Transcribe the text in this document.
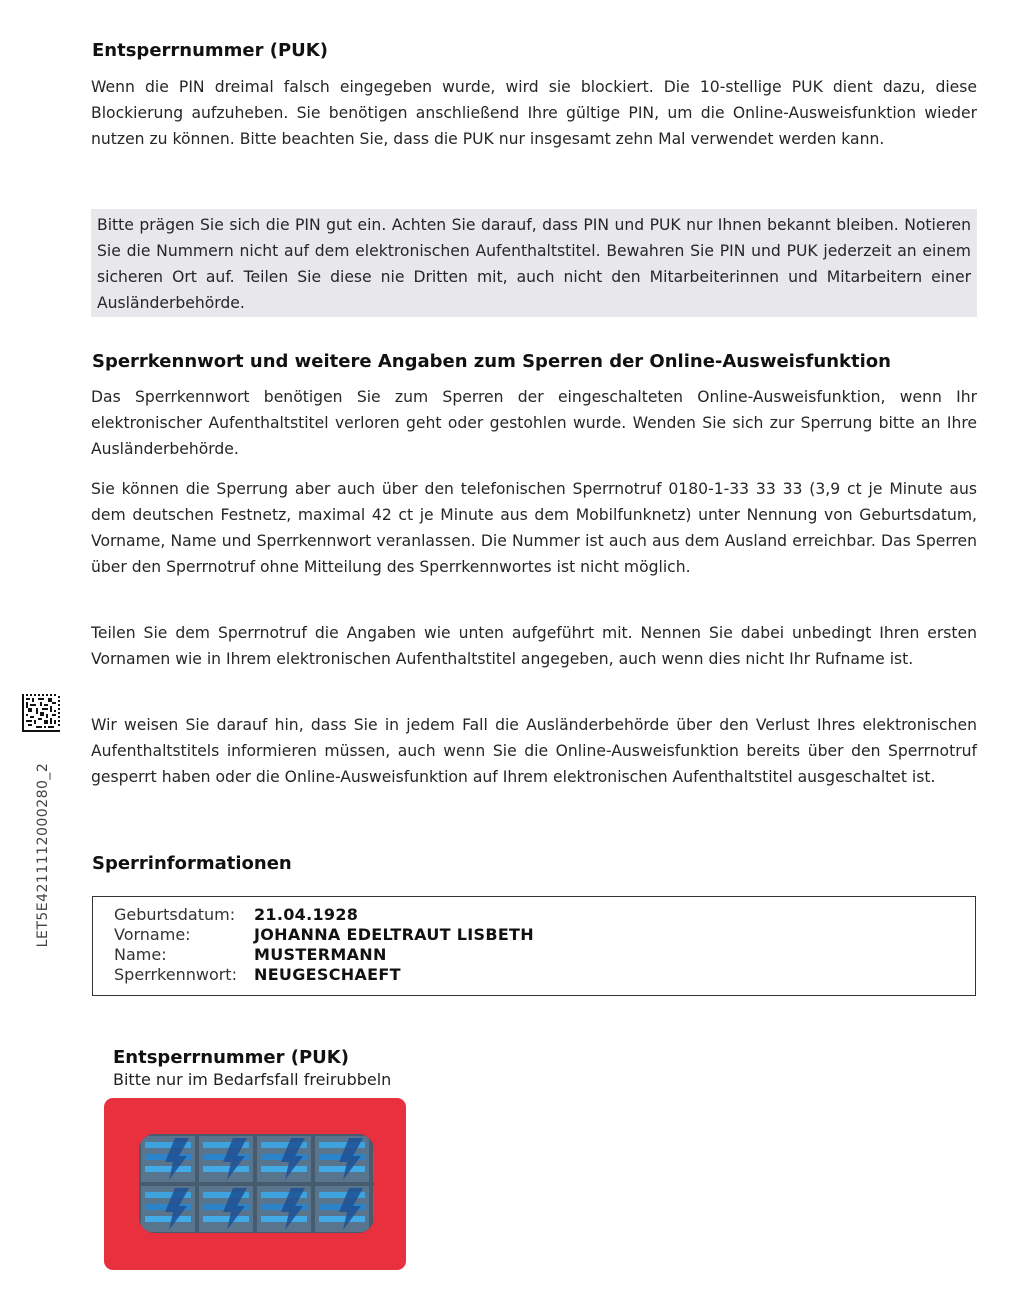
Entsperrnummer (PUK)

Wenn die PIN dreimal falsch eingegeben wurde, wird sie blockiert. Die 10-stellige PUK dient dazu, diese Blockierung aufzuheben. Sie benötigen anschließend Ihre gültige PIN, um die Online-Ausweisfunktion wieder nutzen zu können. Bitte beachten Sie, dass die PUK nur insgesamt zehn Mal verwendet werden kann.

Bitte prägen Sie sich die PIN gut ein. Achten Sie darauf, dass PIN und PUK nur Ihnen bekannt bleiben. Notieren Sie die Nummern nicht auf dem elektronischen Aufenthaltstitel. Bewahren Sie PIN und PUK jederzeit an einem sicheren Ort auf. Teilen Sie diese nie Dritten mit, auch nicht den Mitarbeiterinnen und Mitarbeitern einer Ausländerbehörde.
Sperrkennwort und weitere Angaben zum Sperren der Online-Ausweisfunktion

Das Sperrkennwort benötigen Sie zum Sperren der eingeschalteten Online-Ausweisfunktion, wenn Ihr elektronischer Aufenthaltstitel verloren geht oder gestohlen wurde. Wenden Sie sich zur Sperrung bitte an Ihre Ausländerbehörde.

Sie können die Sperrung aber auch über den telefonischen Sperrnotruf 0180-1-33 33 33 (3,9 ct je Minute aus dem deutschen Festnetz, maximal 42 ct je Minute aus dem Mobilfunknetz) unter Nennung von Geburtsdatum, Vorname, Name und Sperrkennwort veranlassen. Die Nummer ist auch aus dem Ausland erreichbar. Das Sperren über den Sperrnotruf ohne Mitteilung des Sperrkennwortes ist nicht möglich.

Teilen Sie dem Sperrnotruf die Angaben wie unten aufgeführt mit. Nennen Sie dabei unbedingt Ihren ersten Vornamen wie in Ihrem elektronischen Aufenthaltstitel angegeben, auch wenn dies nicht Ihr Rufname ist.

Wir weisen Sie darauf hin, dass Sie in jedem Fall die Ausländerbehörde über den Verlust Ihres elektronischen Aufenthaltstitels informieren müssen, auch wenn Sie die Online-Ausweisfunktion bereits über den Sperrnotruf gesperrt haben oder die Online-Ausweisfunktion auf Ihrem elektronischen Aufenthaltstitel ausgeschaltet ist.

Sperrinformationen
Geburtsdatum:	21.04.1928
Vorname:	JOHANNA EDELTRAUT LISBETH
Name:	MUSTERMANN
Sperrkennwort:	NEUGESCHAEFT
Entsperrnummer (PUK)
Bitte nur im Bedarfsfall freirubbeln
LET5E4211112000280_2
